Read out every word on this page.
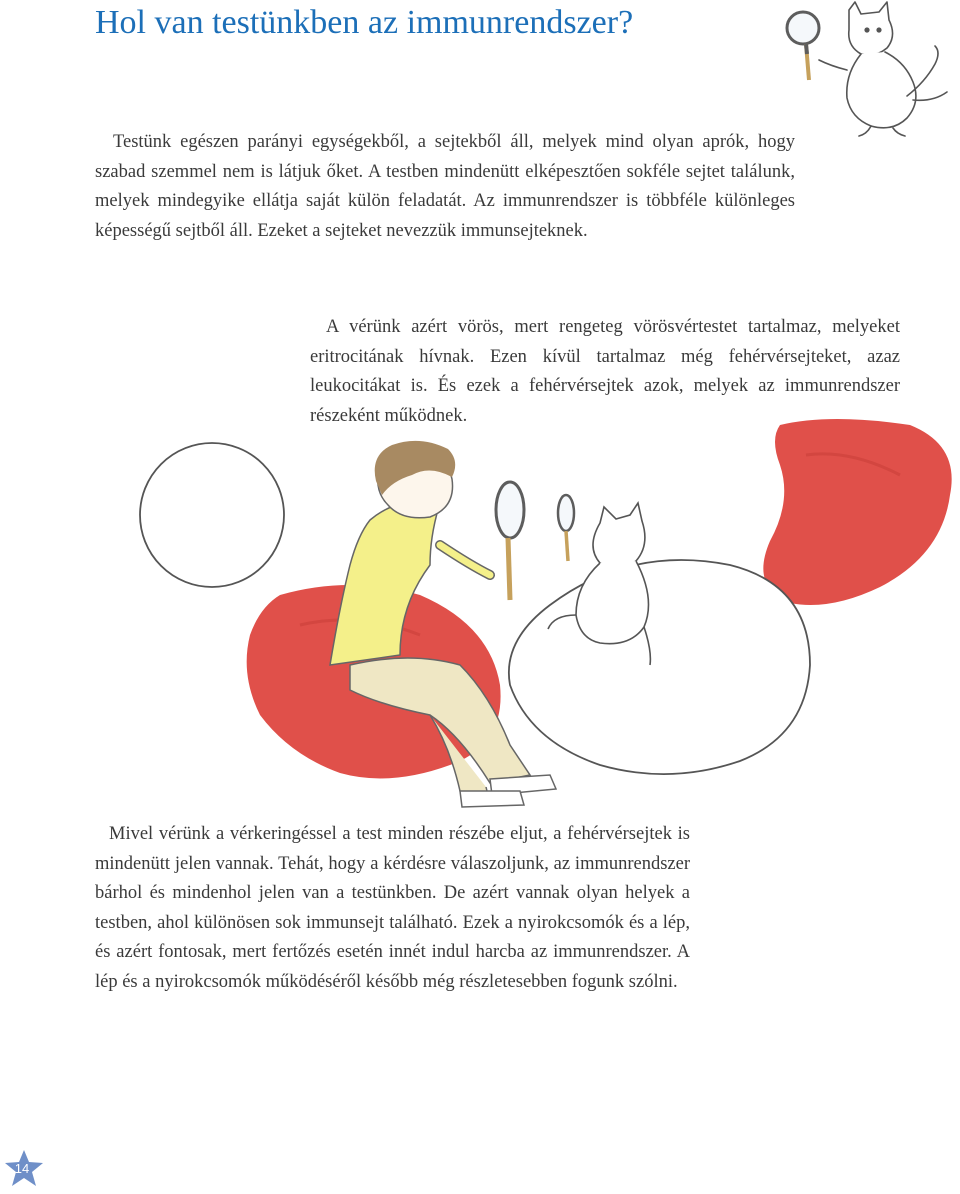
Hol van testünkben az immunrendszer?

Testünk egészen parányi egységekből, a sejtekből áll, melyek mind olyan aprók, hogy szabad szemmel nem is látjuk őket. A testben mindenütt elképesztően sokféle sejtet találunk, melyek mindegyike ellátja saját külön feladatát. Az immunrendszer is többféle különleges képességű sejtből áll. Ezeket a sejteket nevezzük immunsejteknek.

A vérünk azért vörös, mert rengeteg vörösvértestet tartalmaz, melyeket eritrocitának hívnak. Ezen kívül tartalmaz még fehérvérsejteket, azaz leukocitákat is. És ezek a fehérvérsejtek azok, melyek az immunrendszer részeként működnek.

Mivel vérünk a vérkeringéssel a test minden részébe eljut, a fehérvérsejtek is mindenütt jelen vannak. Tehát, hogy a kérdésre válaszoljunk, az immunrendszer bárhol és mindenhol jelen van a testünkben. De azért vannak olyan helyek a testben, ahol különösen sok immunsejt található. Ezek a nyirokcsomók és a lép, és azért fontosak, mert fertőzés esetén innét indul harcba az immunrendszer. A lép és a nyirokcsomók működéséről később még részletesebben fogunk szólni.

14
